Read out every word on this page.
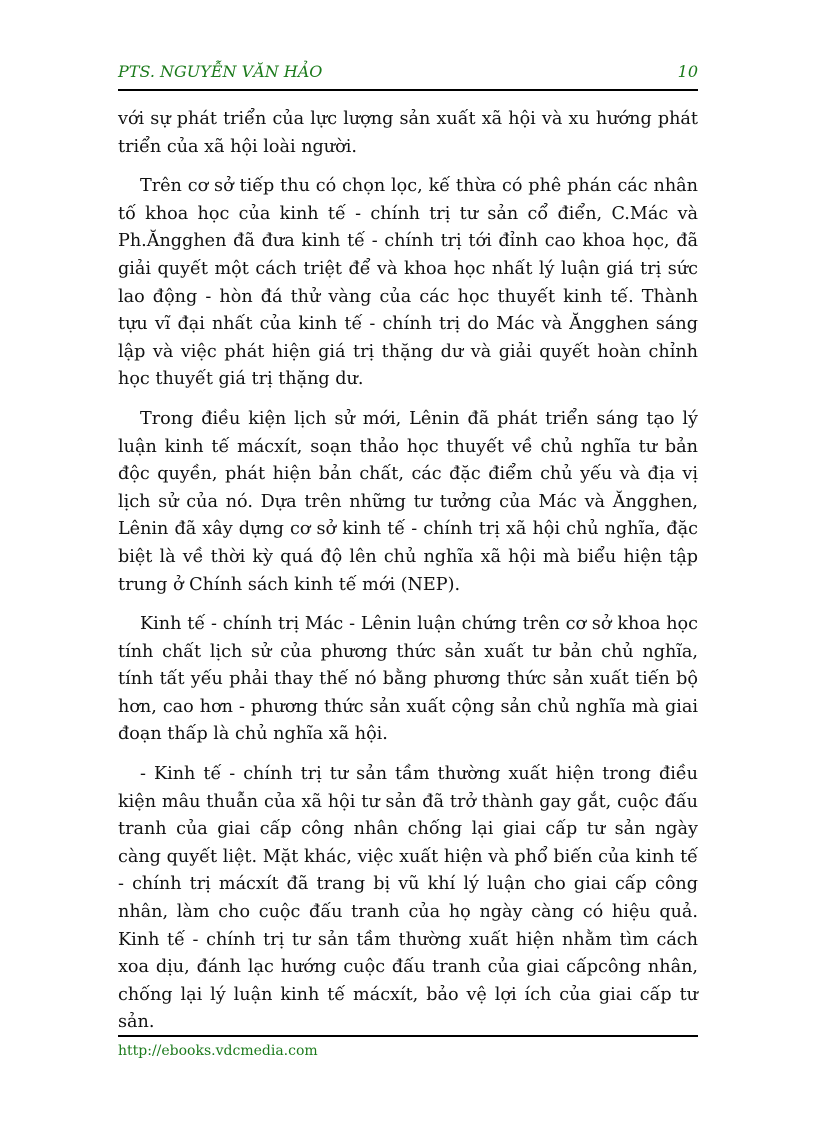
PTS. NGUYỄN VĂN HẢO	10

với sự phát triển của lực lượng sản xuất xã hội và xu hướng phát triển của xã hội loài người.

Trên cơ sở tiếp thu có chọn lọc, kế thừa có phê phán các nhân tố khoa học của kinh tế - chính trị tư sản cổ điển, C.Mác và Ph.Ăngghen đã đưa kinh tế - chính trị tới đỉnh cao khoa học, đã giải quyết một cách triệt để và khoa học nhất lý luận giá trị sức lao động - hòn đá thử vàng của các học thuyết kinh tế. Thành tựu vĩ đại nhất của kinh tế - chính trị do Mác và Ăngghen sáng lập và việc phát hiện giá trị thặng dư và giải quyết hoàn chỉnh học thuyết giá trị thặng dư.

Trong điều kiện lịch sử mới, Lênin đã phát triển sáng tạo lý luận kinh tế mácxít, soạn thảo học thuyết về chủ nghĩa tư bản độc quyền, phát hiện bản chất, các đặc điểm chủ yếu và địa vị lịch sử của nó. Dựa trên những tư tưởng của Mác và Ăngghen, Lênin đã xây dựng cơ sở kinh tế - chính trị xã hội chủ nghĩa, đặc biệt là về thời kỳ quá độ lên chủ nghĩa xã hội mà biểu hiện tập trung ở Chính sách kinh tế mới (NEP).

Kinh tế - chính trị Mác - Lênin luận chứng trên cơ sở khoa học tính chất lịch sử của phương thức sản xuất tư bản chủ nghĩa, tính tất yếu phải thay thế nó bằng phương thức sản xuất tiến bộ hơn, cao hơn - phương thức sản xuất cộng sản chủ nghĩa mà giai đoạn thấp là chủ nghĩa xã hội.

- Kinh tế - chính trị tư sản tầm thường xuất hiện trong điều kiện mâu thuẫn của xã hội tư sản đã trở thành gay gắt, cuộc đấu tranh của giai cấp công nhân chống lại giai cấp tư sản ngày càng quyết liệt. Mặt khác, việc xuất hiện và phổ biến của kinh tế - chính trị mácxít đã trang bị vũ khí lý luận cho giai cấp công nhân, làm cho cuộc đấu tranh của họ ngày càng có hiệu quả. Kinh tế - chính trị tư sản tầm thường xuất hiện nhằm tìm cách xoa dịu, đánh lạc hướng cuộc đấu tranh của giai cấpcông nhân, chống lại lý luận kinh tế mácxít, bảo vệ lợi ích của giai cấp tư sản.

http://ebooks.vdcmedia.com
